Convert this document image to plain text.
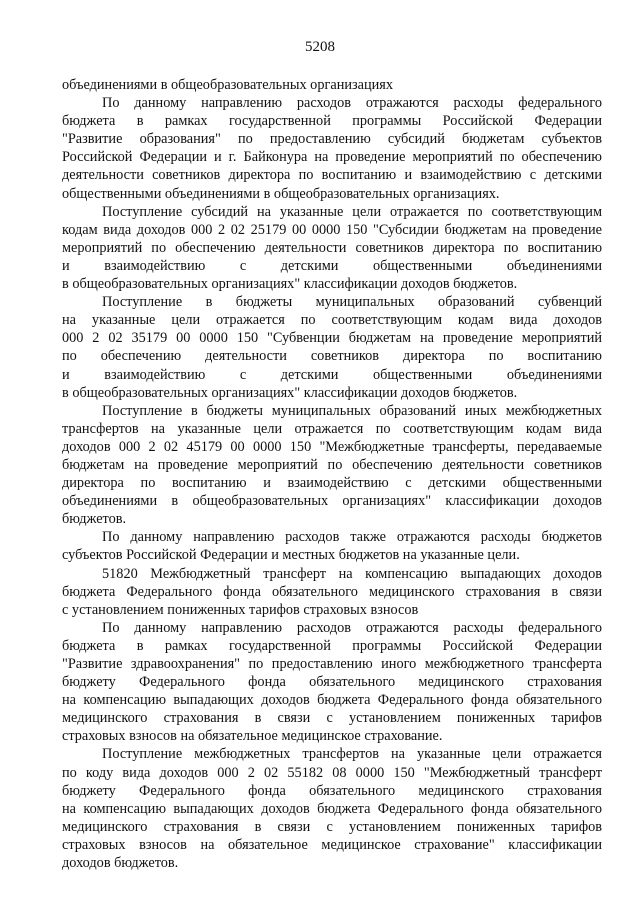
5208

объединениями в общеобразовательных организациях
По данному направлению расходов отражаются расходы федерального
бюджета в рамках государственной программы Российской Федерации
"Развитие образования" по предоставлению субсидий бюджетам субъектов
Российской Федерации и г. Байконура на проведение мероприятий по обеспечению
деятельности советников директора по воспитанию и взаимодействию с детскими
общественными объединениями в общеобразовательных организациях.
Поступление субсидий на указанные цели отражается по соответствующим
кодам вида доходов 000 2 02 25179 00 0000 150 "Субсидии бюджетам на проведение
мероприятий по обеспечению деятельности советников директора по воспитанию
и взаимодействию с детскими общественными объединениями
в общеобразовательных организациях" классификации доходов бюджетов.
Поступление в бюджеты муниципальных образований субвенций
на указанные цели отражается по соответствующим кодам вида доходов
000 2 02 35179 00 0000 150 "Субвенции бюджетам на проведение мероприятий
по обеспечению деятельности советников директора по воспитанию
и взаимодействию с детскими общественными объединениями
в общеобразовательных организациях" классификации доходов бюджетов.
Поступление в бюджеты муниципальных образований иных межбюджетных
трансфертов на указанные цели отражается по соответствующим кодам вида
доходов 000 2 02 45179 00 0000 150 "Межбюджетные трансферты, передаваемые
бюджетам на проведение мероприятий по обеспечению деятельности советников
директора по воспитанию и взаимодействию с детскими общественными
объединениями в общеобразовательных организациях" классификации доходов
бюджетов.
По данному направлению расходов также отражаются расходы бюджетов
субъектов Российской Федерации и местных бюджетов на указанные цели.
51820 Межбюджетный трансферт на компенсацию выпадающих доходов
бюджета Федерального фонда обязательного медицинского страхования в связи
с установлением пониженных тарифов страховых взносов
По данному направлению расходов отражаются расходы федерального
бюджета в рамках государственной программы Российской Федерации
"Развитие здравоохранения" по предоставлению иного межбюджетного трансферта
бюджету Федерального фонда обязательного медицинского страхования
на компенсацию выпадающих доходов бюджета Федерального фонда обязательного
медицинского страхования в связи с установлением пониженных тарифов
страховых взносов на обязательное медицинское страхование.
Поступление межбюджетных трансфертов на указанные цели отражается
по коду вида доходов 000 2 02 55182 08 0000 150 "Межбюджетный трансферт
бюджету Федерального фонда обязательного медицинского страхования
на компенсацию выпадающих доходов бюджета Федерального фонда обязательного
медицинского страхования в связи с установлением пониженных тарифов
страховых взносов на обязательное медицинское страхование" классификации
доходов бюджетов.
